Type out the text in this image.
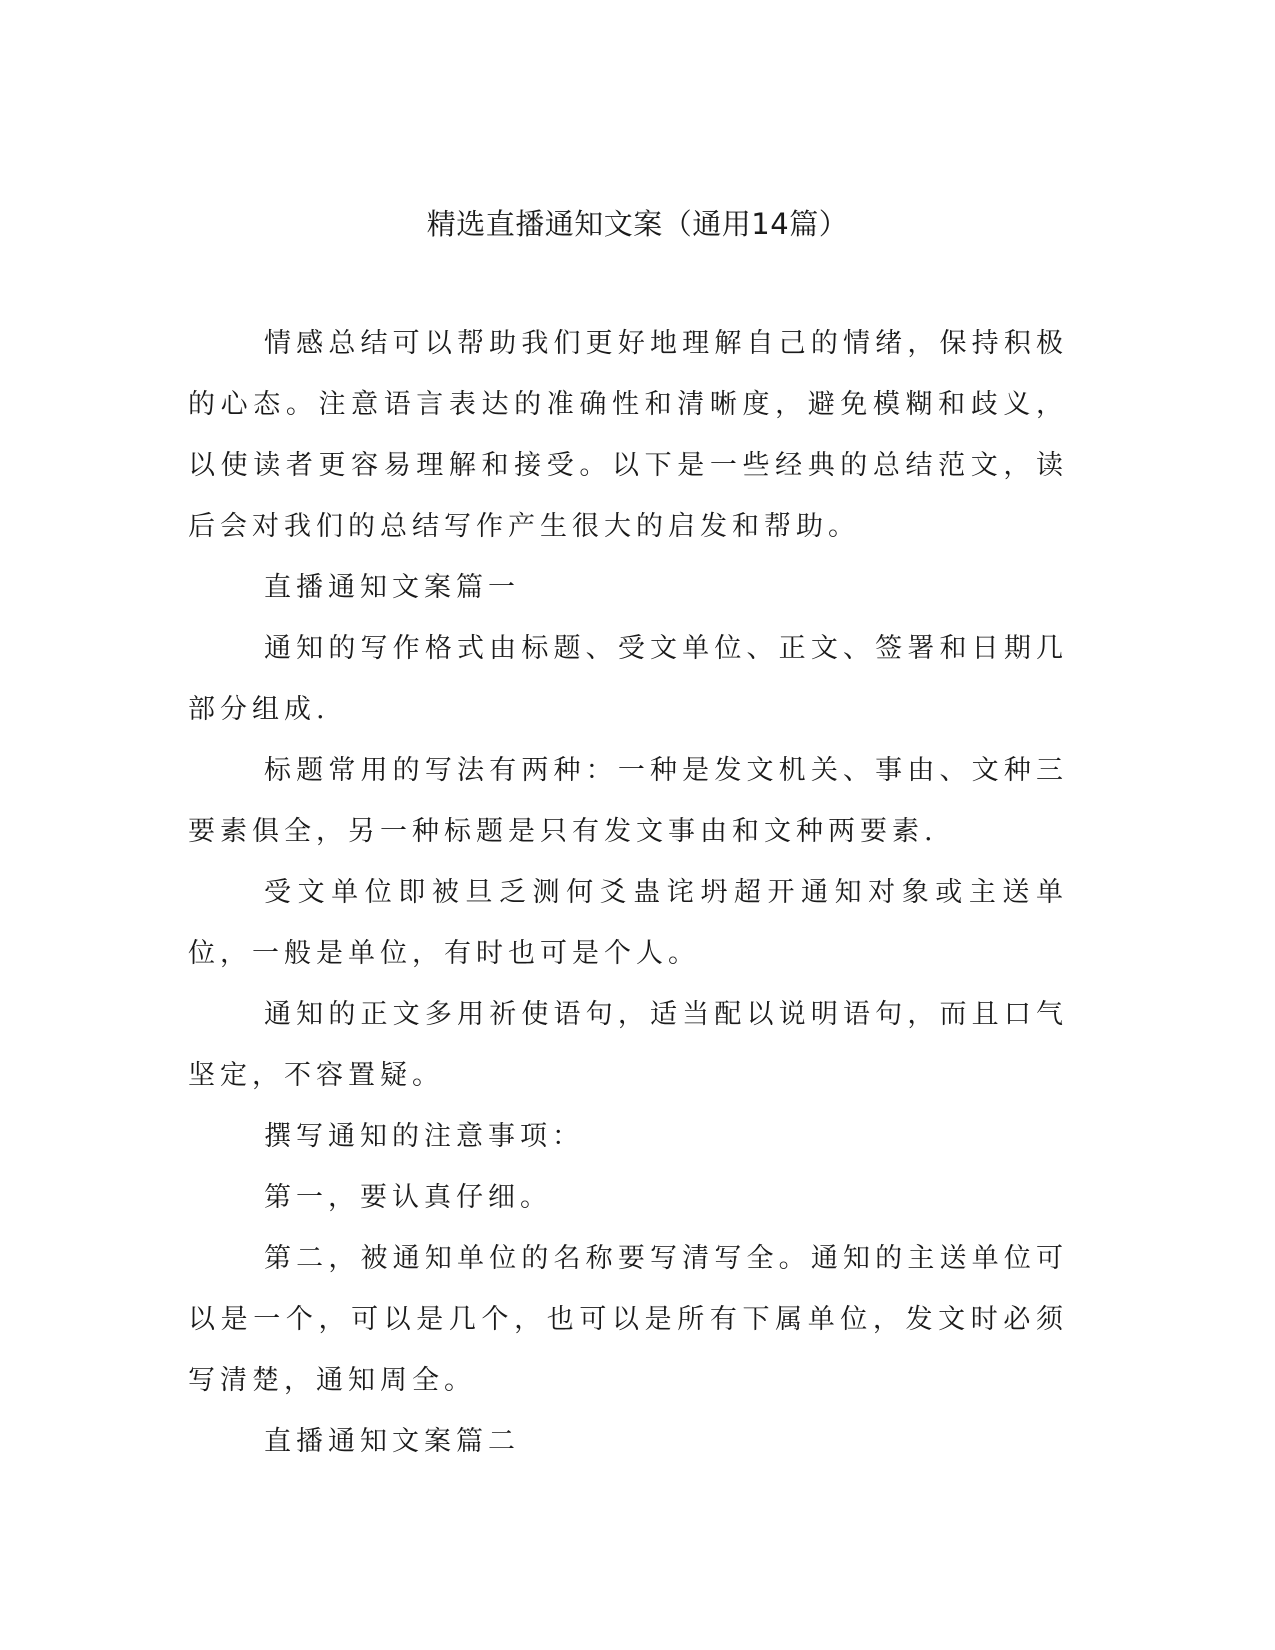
精选直播通知文案（通用14篇）

情感总结可以帮助我们更好地理解自己的情绪，保持积极的心态。注意语言表达的准确性和清晰度，避免模糊和歧义，以使读者更容易理解和接受。以下是一些经典的总结范文，读后会对我们的总结写作产生很大的启发和帮助。

直播通知文案篇一

通知的写作格式由标题、受文单位、正文、签署和日期几部分组成.

标题常用的写法有两种：一种是发文机关、事由、文种三要素俱全，另一种标题是只有发文事由和文种两要素.

受文单位即被旦乏测何爻蛊诧坍超开通知对象或主送单位，一般是单位，有时也可是个人。

通知的正文多用祈使语句，适当配以说明语句，而且口气坚定，不容置疑。

撰写通知的注意事项：

第一，要认真仔细。

第二，被通知单位的名称要写清写全。通知的主送单位可以是一个，可以是几个，也可以是所有下属单位，发文时必须写清楚，通知周全。

直播通知文案篇二
